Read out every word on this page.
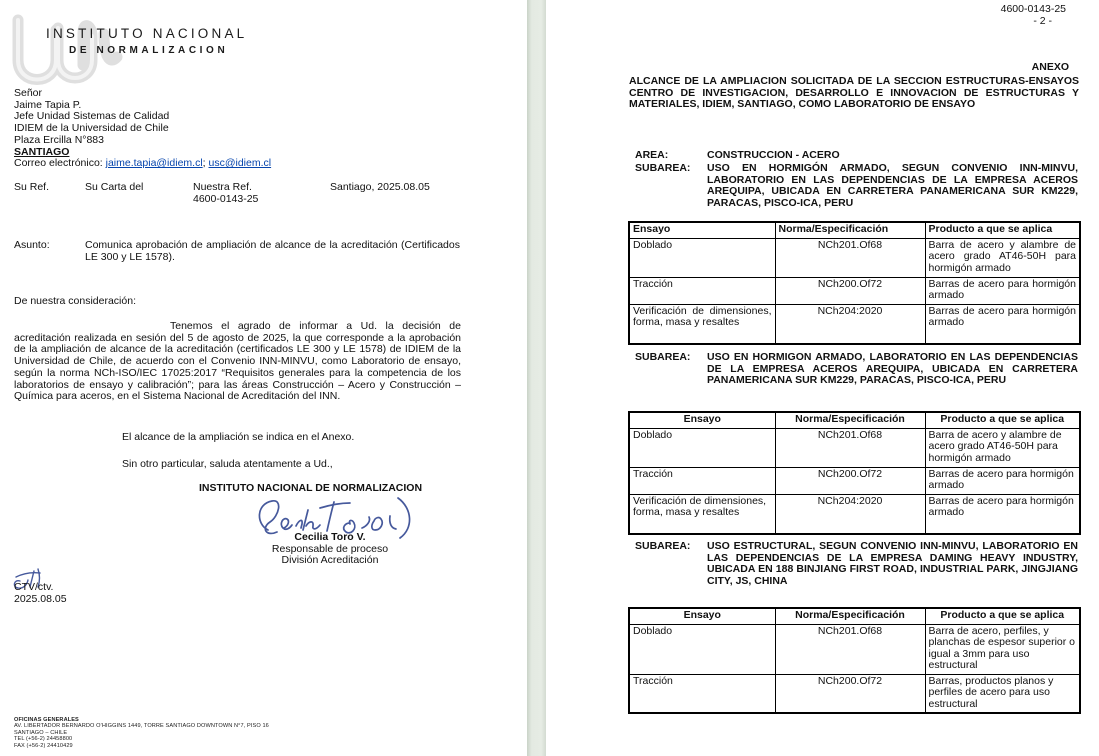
INSTITUTO NACIONAL
DE NORMALIZACION
Señor
Jaime Tapia P.
Jefe Unidad Sistemas de Calidad
IDIEM de la Universidad de Chile
Plaza Ercilla N°883
SANTIAGO
Correo electrónico: jaime.tapia@idiem.cl; usc@idiem.cl
Su Ref.	Su Carta del	Nuestra Ref.
4600-0143-25
Santiago, 2025.08.05
Asunto:	Comunica aprobación de ampliación de alcance de la acreditación (Certificados LE 300 y LE 1578).
De nuestra consideración:
Tenemos el agrado de informar a Ud. la decisión de acreditación realizada en sesión del 5 de agosto de 2025, la que corresponde a la aprobación de la ampliación de alcance de la acreditación (certificados LE 300 y LE 1578) de IDIEM de la Universidad de Chile, de acuerdo con el Convenio INN-MINVU, como Laboratorio de ensayo, según la norma NCh-ISO/IEC 17025:2017 “Requisitos generales para la competencia de los laboratorios de ensayo y calibración”; para las áreas Construcción – Acero y Construcción – Química para aceros, en el Sistema Nacional de Acreditación del INN.
El alcance de la ampliación se indica en el Anexo.
Sin otro particular, saluda atentamente a Ud.,
INSTITUTO NACIONAL DE NORMALIZACION
Cecilia Toro V.
Responsable de proceso
División Acreditación
CTV/ctv.
2025.08.05
OFICINAS GENERALES
AV. LIBERTADOR BERNARDO O’HIGGINS 1449, TORRE SANTIAGO DOWNTOWN N°7, PISO 16
SANTIAGO – CHILE
TEL (+56-2) 24458800
FAX (+56-2) 24410429
4600-0143-25
- 2 -
ANEXO
ALCANCE DE LA AMPLIACION SOLICITADA DE LA SECCION ESTRUCTURAS-ENSAYOS CENTRO DE INVESTIGACION, DESARROLLO E INNOVACION DE ESTRUCTURAS Y MATERIALES, IDIEM, SANTIAGO, COMO LABORATORIO DE ENSAYO
AREA:	CONSTRUCCION - ACERO
SUBAREA: USO EN HORMIGÓN ARMADO, SEGUN CONVENIO INN-MINVU, LABORATORIO EN LAS DEPENDENCIAS DE LA EMPRESA ACEROS AREQUIPA, UBICADA EN CARRETERA PANAMERICANA SUR KM229, PARACAS, PISCO-ICA, PERU
Ensayo	Norma/Especificación	Producto a que se aplica
Doblado	NCh201.Of68	Barra de acero y alambre de acero grado AT46-50H para hormigón armado
Tracción	NCh200.Of72	Barras de acero para hormigón armado
Verificación de dimensiones, forma, masa y resaltes	NCh204:2020	Barras de acero para hormigón armado
SUBAREA: USO EN HORMIGON ARMADO, LABORATORIO EN LAS DEPENDENCIAS DE LA EMPRESA ACEROS AREQUIPA, UBICADA EN CARRETERA PANAMERICANA SUR KM229, PARACAS, PISCO-ICA, PERU
Ensayo	Norma/Especificación	Producto a que se aplica
Doblado	NCh201.Of68	Barra de acero y alambre de acero grado AT46-50H para hormigón armado
Tracción	NCh200.Of72	Barras de acero para hormigón armado
Verificación de dimensiones, forma, masa y resaltes	NCh204:2020	Barras de acero para hormigón armado
SUBAREA: USO ESTRUCTURAL, SEGUN CONVENIO INN-MINVU, LABORATORIO EN LAS DEPENDENCIAS DE LA EMPRESA DAMING HEAVY INDUSTRY, UBICADA EN 188 BINJIANG FIRST ROAD, INDUSTRIAL PARK, JINGJIANG CITY, JS, CHINA
Ensayo	Norma/Especificación	Producto a que se aplica
Doblado	NCh201.Of68	Barra de acero, perfiles, y planchas de espesor superior o igual a 3mm para uso estructural
Tracción	NCh200.Of72	Barras, productos planos y perfiles de acero para uso estructural
